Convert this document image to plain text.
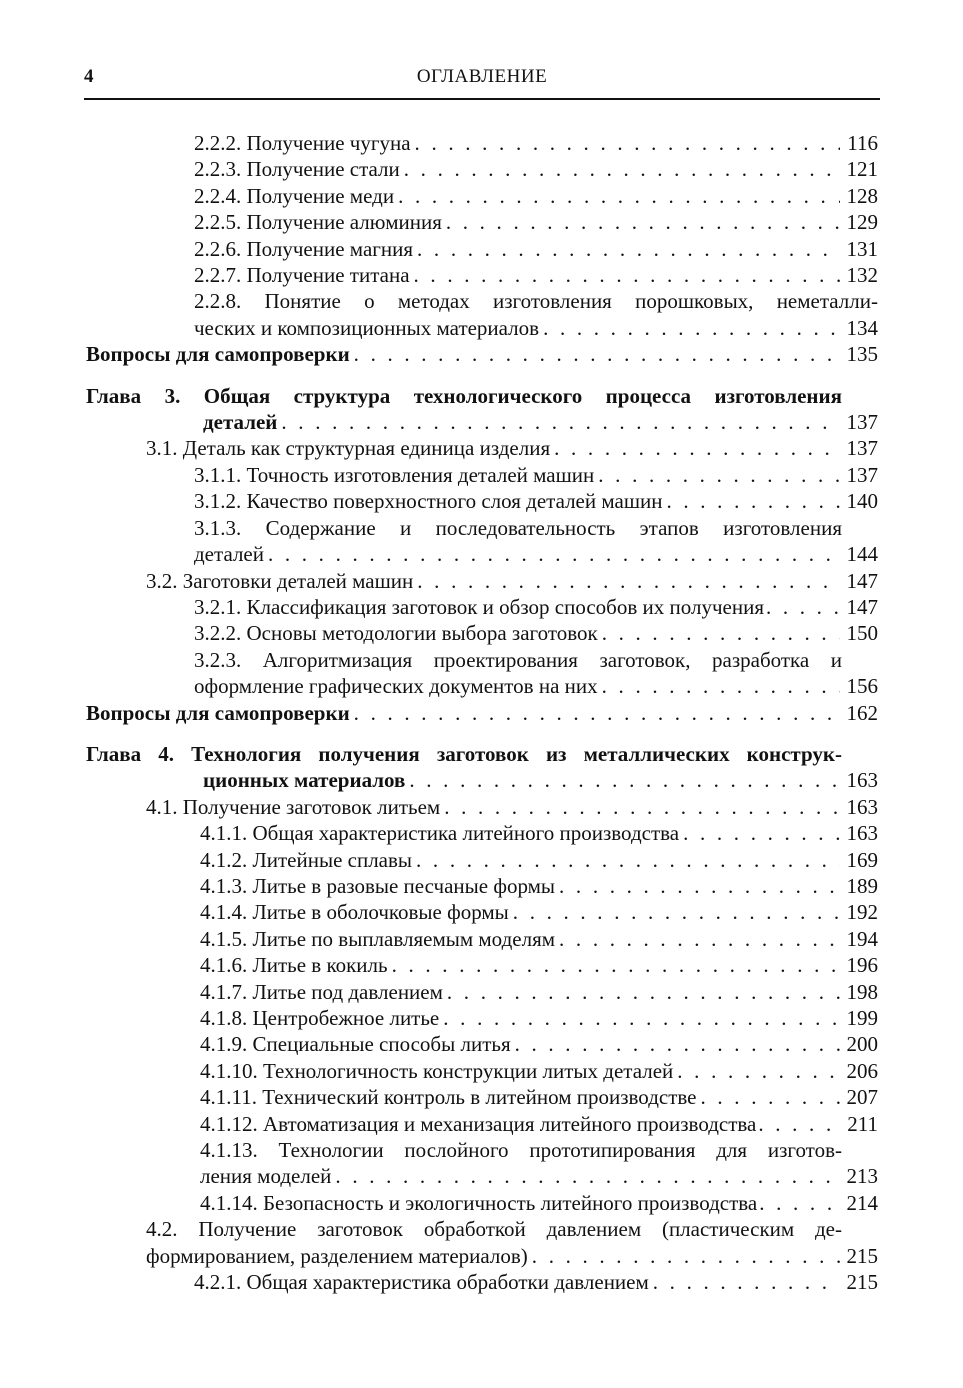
4	ОГЛАВЛЕНИЕ
2.2.2. Получение чугуна . . .	116
2.2.3. Получение стали . . .	121
2.2.4. Получение меди . . .	128
2.2.5. Получение алюминия . . .	129
2.2.6. Получение магния . . .	131
2.2.7. Получение титана . . .	132
2.2.8. Понятие о методах изготовления порошковых, неметалли-
ческих и композиционных материалов . . .	134
Вопросы для самопроверки . . .	135
Глава 3. Общая структура технологического процесса изготовления
деталей . . .	137
3.1. Деталь как структурная единица изделия . . .	137
3.1.1. Точность изготовления деталей машин . . .	137
3.1.2. Качество поверхностного слоя деталей машин . . .	140
3.1.3. Содержание и последовательность этапов изготовления
деталей . . .	144
3.2. Заготовки деталей машин . . .	147
3.2.1. Классификация заготовок и обзор способов их получения . . .	147
3.2.2. Основы методологии выбора заготовок . . .	150
3.2.3. Алгоритмизация проектирования заготовок, разработка и
оформление графических документов на них . . .	156
Вопросы для самопроверки . . .	162
Глава 4. Технология получения заготовок из металлических конструк-
ционных материалов . . .	163
4.1. Получение заготовок литьем . . .	163
4.1.1. Общая характеристика литейного производства . . .	163
4.1.2. Литейные сплавы . . .	169
4.1.3. Литье в разовые песчаные формы . . .	189
4.1.4. Литье в оболочковые формы . . .	192
4.1.5. Литье по выплавляемым моделям . . .	194
4.1.6. Литье в кокиль . . .	196
4.1.7. Литье под давлением . . .	198
4.1.8. Центробежное литье . . .	199
4.1.9. Специальные способы литья . . .	200
4.1.10. Технологичность конструкции литых деталей . . .	206
4.1.11. Технический контроль в литейном производстве . . .	207
4.1.12. Автоматизация и механизация литейного производства . . .	211
4.1.13. Технологии послойного прототипирования для изготов-
ления моделей . . .	213
4.1.14. Безопасность и экологичность литейного производства . . .	214
4.2. Получение заготовок обработкой давлением (пластическим де-
формированием, разделением материалов) . . .	215
4.2.1. Общая характеристика обработки давлением . . .	215
